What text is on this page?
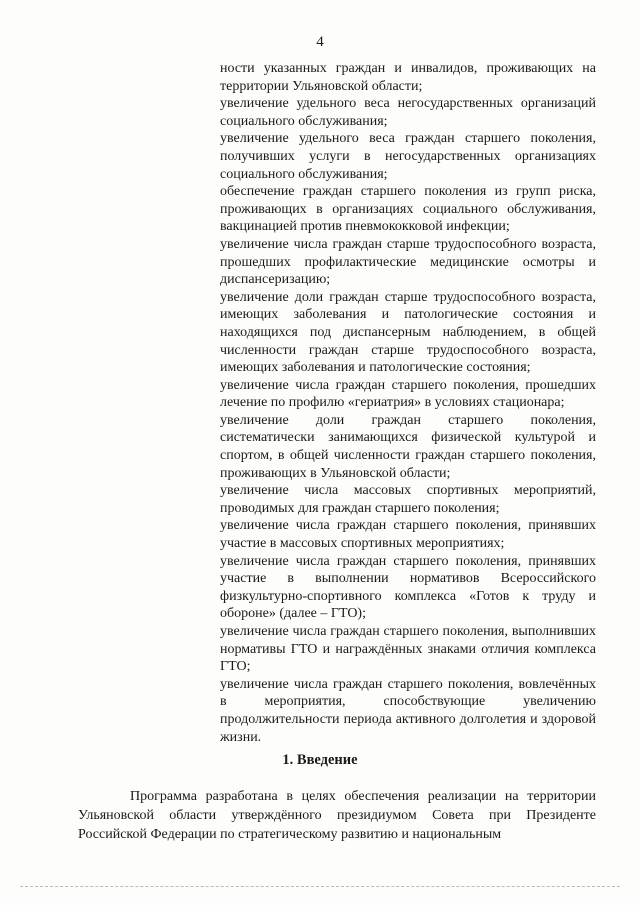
4

ности указанных граждан и инвалидов, проживающих на территории Ульяновской области;

увеличение удельного веса негосударственных организаций социального обслуживания;

увеличение удельного веса граждан старшего поколения, получивших услуги в негосударственных организациях социального обслуживания;

обеспечение граждан старшего поколения из групп риска, проживающих в организациях социального обслуживания, вакцинацией против пневмококковой инфекции;

увеличение числа граждан старше трудоспособного возраста, прошедших профилактические медицинские осмотры и диспансеризацию;

увеличение доли граждан старше трудоспособного возраста, имеющих заболевания и патологические состояния и находящихся под диспансерным наблюдением, в общей численности граждан старше трудоспособного возраста, имеющих заболевания и патологические состояния;

увеличение числа граждан старшего поколения, прошедших лечение по профилю «гериатрия» в условиях стационара;

увеличение доли граждан старшего поколения, систематически занимающихся физической культурой и спортом, в общей численности граждан старшего поколения, проживающих в Ульяновской области;

увеличение числа массовых спортивных мероприятий, проводимых для граждан старшего поколения;

увеличение числа граждан старшего поколения, принявших участие в массовых спортивных мероприятиях;

увеличение числа граждан старшего поколения, принявших участие в выполнении нормативов Всероссийского физкультурно-спортивного комплекса «Готов к труду и обороне» (далее – ГТО);

увеличение числа граждан старшего поколения, выполнивших нормативы ГТО и награждённых знаками отличия комплекса ГТО;

увеличение числа граждан старшего поколения, вовлечённых в мероприятия, способствующие увеличению продолжительности периода активного долголетия и здоровой жизни.

1. Введение

Программа разработана в целях обеспечения реализации на территории Ульяновской области утверждённого президиумом Совета при Президенте Российской Федерации по стратегическому развитию и национальным
